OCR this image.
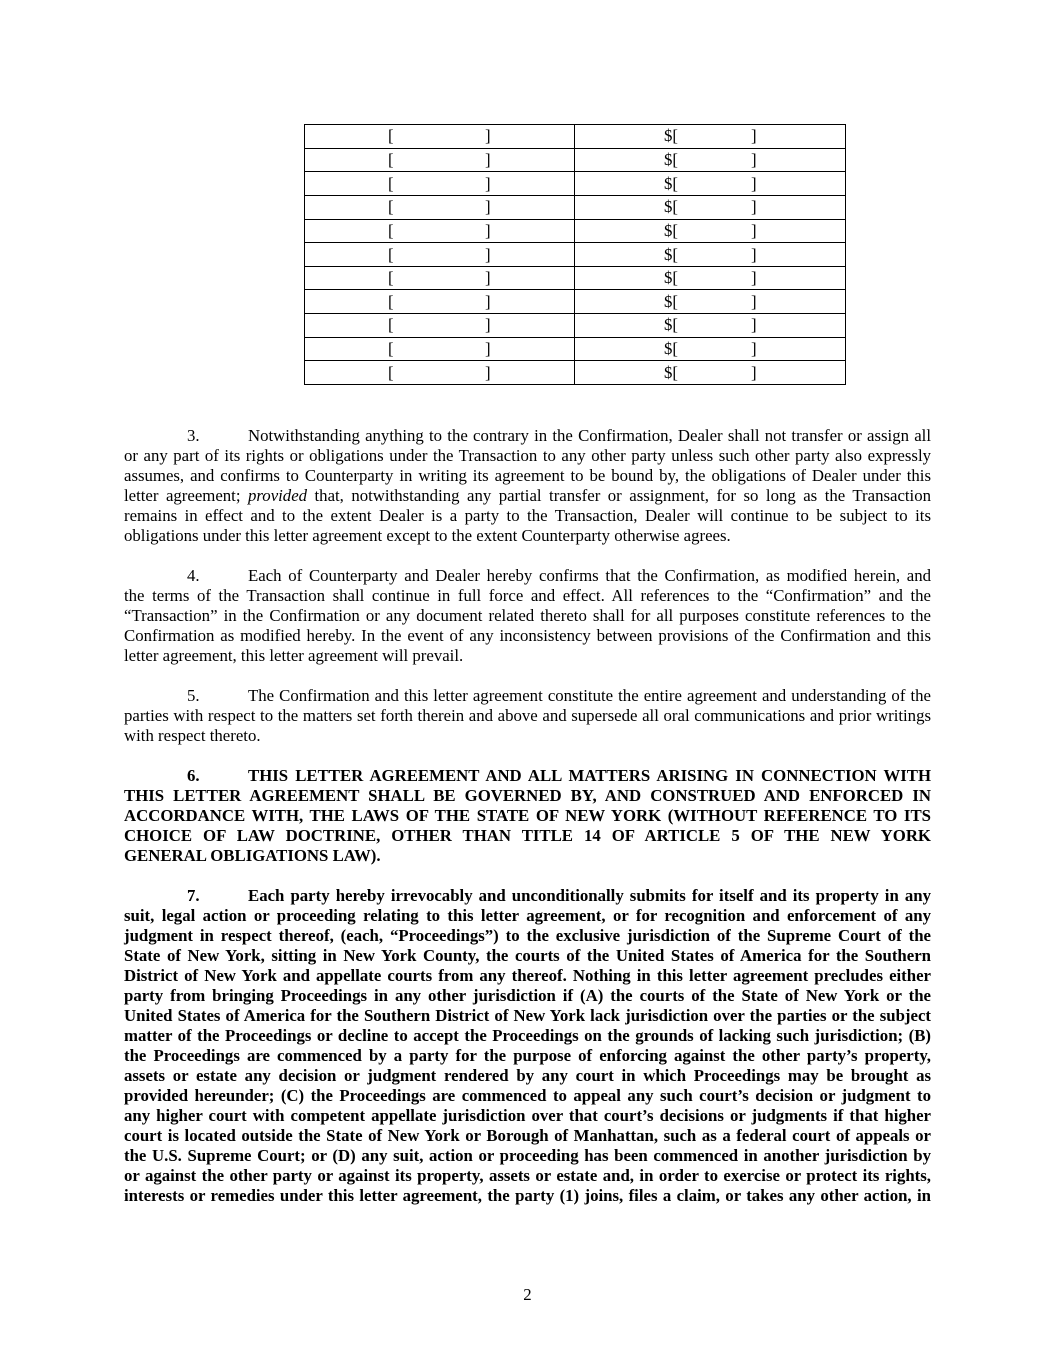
[	]	$[	]
[	]	$[	]
[	]	$[	]
[	]	$[	]
[	]	$[	]
[	]	$[	]
[	]	$[	]
[	]	$[	]
[	]	$[	]
[	]	$[	]
[	]	$[	]
3.	Notwithstanding anything to the contrary in the Confirmation, Dealer shall not transfer or assign all
or any part of its rights or obligations under the Transaction to any other party unless such other party also expressly
assumes, and confirms to Counterparty in writing its agreement to be bound by, the obligations of Dealer under this
letter agreement; provided that, notwithstanding any partial transfer or assignment, for so long as the Transaction
remains in effect and to the extent Dealer is a party to the Transaction, Dealer will continue to be subject to its
obligations under this letter agreement except to the extent Counterparty otherwise agrees.
4.	Each of Counterparty and Dealer hereby confirms that the Confirmation, as modified herein, and
the terms of the Transaction shall continue in full force and effect. All references to the “Confirmation” and the
“Transaction” in the Confirmation or any document related thereto shall for all purposes constitute references to the
Confirmation as modified hereby. In the event of any inconsistency between provisions of the Confirmation and this
letter agreement, this letter agreement will prevail.
5.	The Confirmation and this letter agreement constitute the entire agreement and understanding of the
parties with respect to the matters set forth therein and above and supersede all oral communications and prior writings
with respect thereto.
6.	THIS LETTER AGREEMENT AND ALL MATTERS ARISING IN CONNECTION WITH
THIS LETTER AGREEMENT SHALL BE GOVERNED BY, AND CONSTRUED AND ENFORCED IN
ACCORDANCE WITH, THE LAWS OF THE STATE OF NEW YORK (WITHOUT REFERENCE TO ITS
CHOICE OF LAW DOCTRINE, OTHER THAN TITLE 14 OF ARTICLE 5 OF THE NEW YORK
GENERAL OBLIGATIONS LAW).
7.	Each party hereby irrevocably and unconditionally submits for itself and its property in any
suit, legal action or proceeding relating to this letter agreement, or for recognition and enforcement of any
judgment in respect thereof, (each, “Proceedings”) to the exclusive jurisdiction of the Supreme Court of the
State of New York, sitting in New York County, the courts of the United States of America for the Southern
District of New York and appellate courts from any thereof. Nothing in this letter agreement precludes either
party from bringing Proceedings in any other jurisdiction if (A) the courts of the State of New York or the
United States of America for the Southern District of New York lack jurisdiction over the parties or the subject
matter of the Proceedings or decline to accept the Proceedings on the grounds of lacking such jurisdiction; (B)
the Proceedings are commenced by a party for the purpose of enforcing against the other party’s property,
assets or estate any decision or judgment rendered by any court in which Proceedings may be brought as
provided hereunder; (C) the Proceedings are commenced to appeal any such court’s decision or judgment to
any higher court with competent appellate jurisdiction over that court’s decisions or judgments if that higher
court is located outside the State of New York or Borough of Manhattan, such as a federal court of appeals or
the U.S. Supreme Court; or (D) any suit, action or proceeding has been commenced in another jurisdiction by
or against the other party or against its property, assets or estate and, in order to exercise or protect its rights,
interests or remedies under this letter agreement, the party (1) joins, files a claim, or takes any other action, in
2
